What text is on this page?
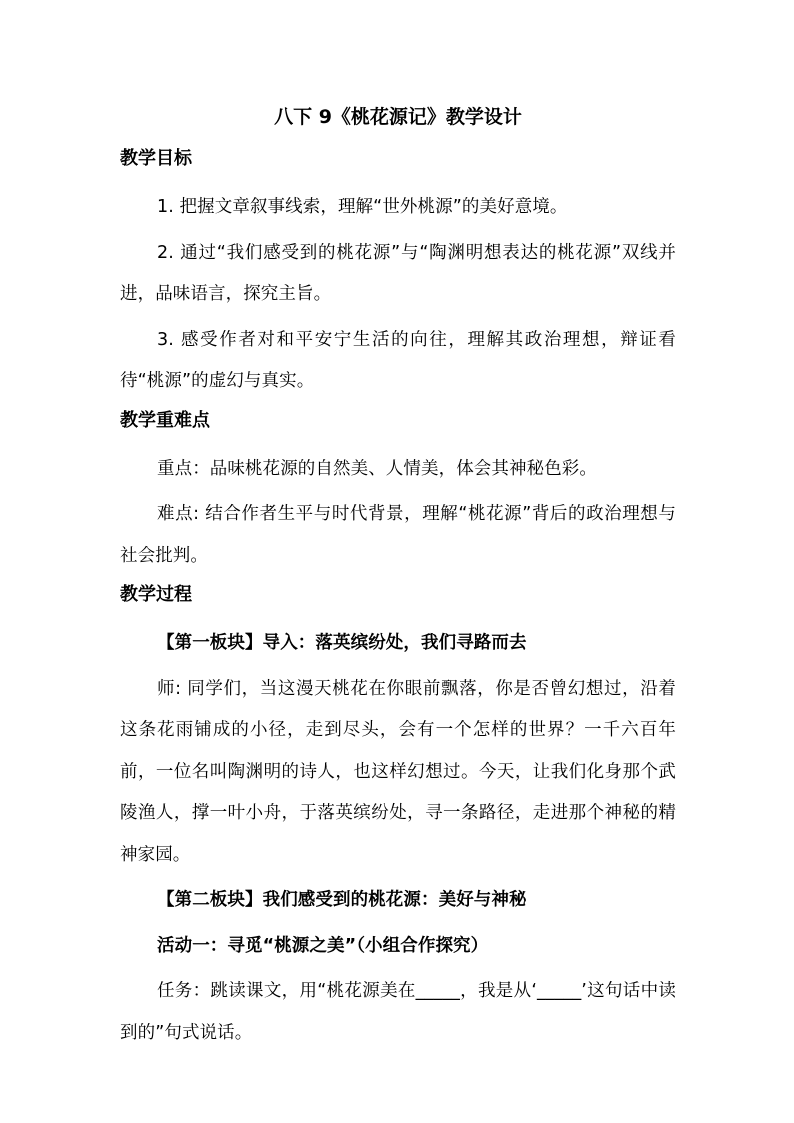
八下 9《桃花源记》教学设计
教学目标
1. 把握文章叙事线索，理解“世外桃源”的美好意境。
2. 通过“我们感受到的桃花源”与“陶渊明想表达的桃花源”双线并进，品味语言，探究主旨。
3. 感受作者对和平安宁生活的向往，理解其政治理想，辩证看待“桃源”的虚幻与真实。
教学重难点
重点：品味桃花源的自然美、人情美，体会其神秘色彩。
难点: 结合作者生平与时代背景，理解“桃花源”背后的政治理想与社会批判。
教学过程
【第一板块】导入：落英缤纷处，我们寻路而去
师: 同学们，当这漫天桃花在你眼前飘落，你是否曾幻想过，沿着这条花雨铺成的小径，走到尽头，会有一个怎样的世界？一千六百年前，一位名叫陶渊明的诗人，也这样幻想过。今天，让我们化身那个武陵渔人，撑一叶小舟，于落英缤纷处，寻一条路径，走进那个神秘的精神家园。
【第二板块】我们感受到的桃花源：美好与神秘
活动一：寻觅“桃源之美”（小组合作探究）
任务：跳读课文，用“桃花源美在_____，我是从‘_____’这句话中读到的”句式说话。
